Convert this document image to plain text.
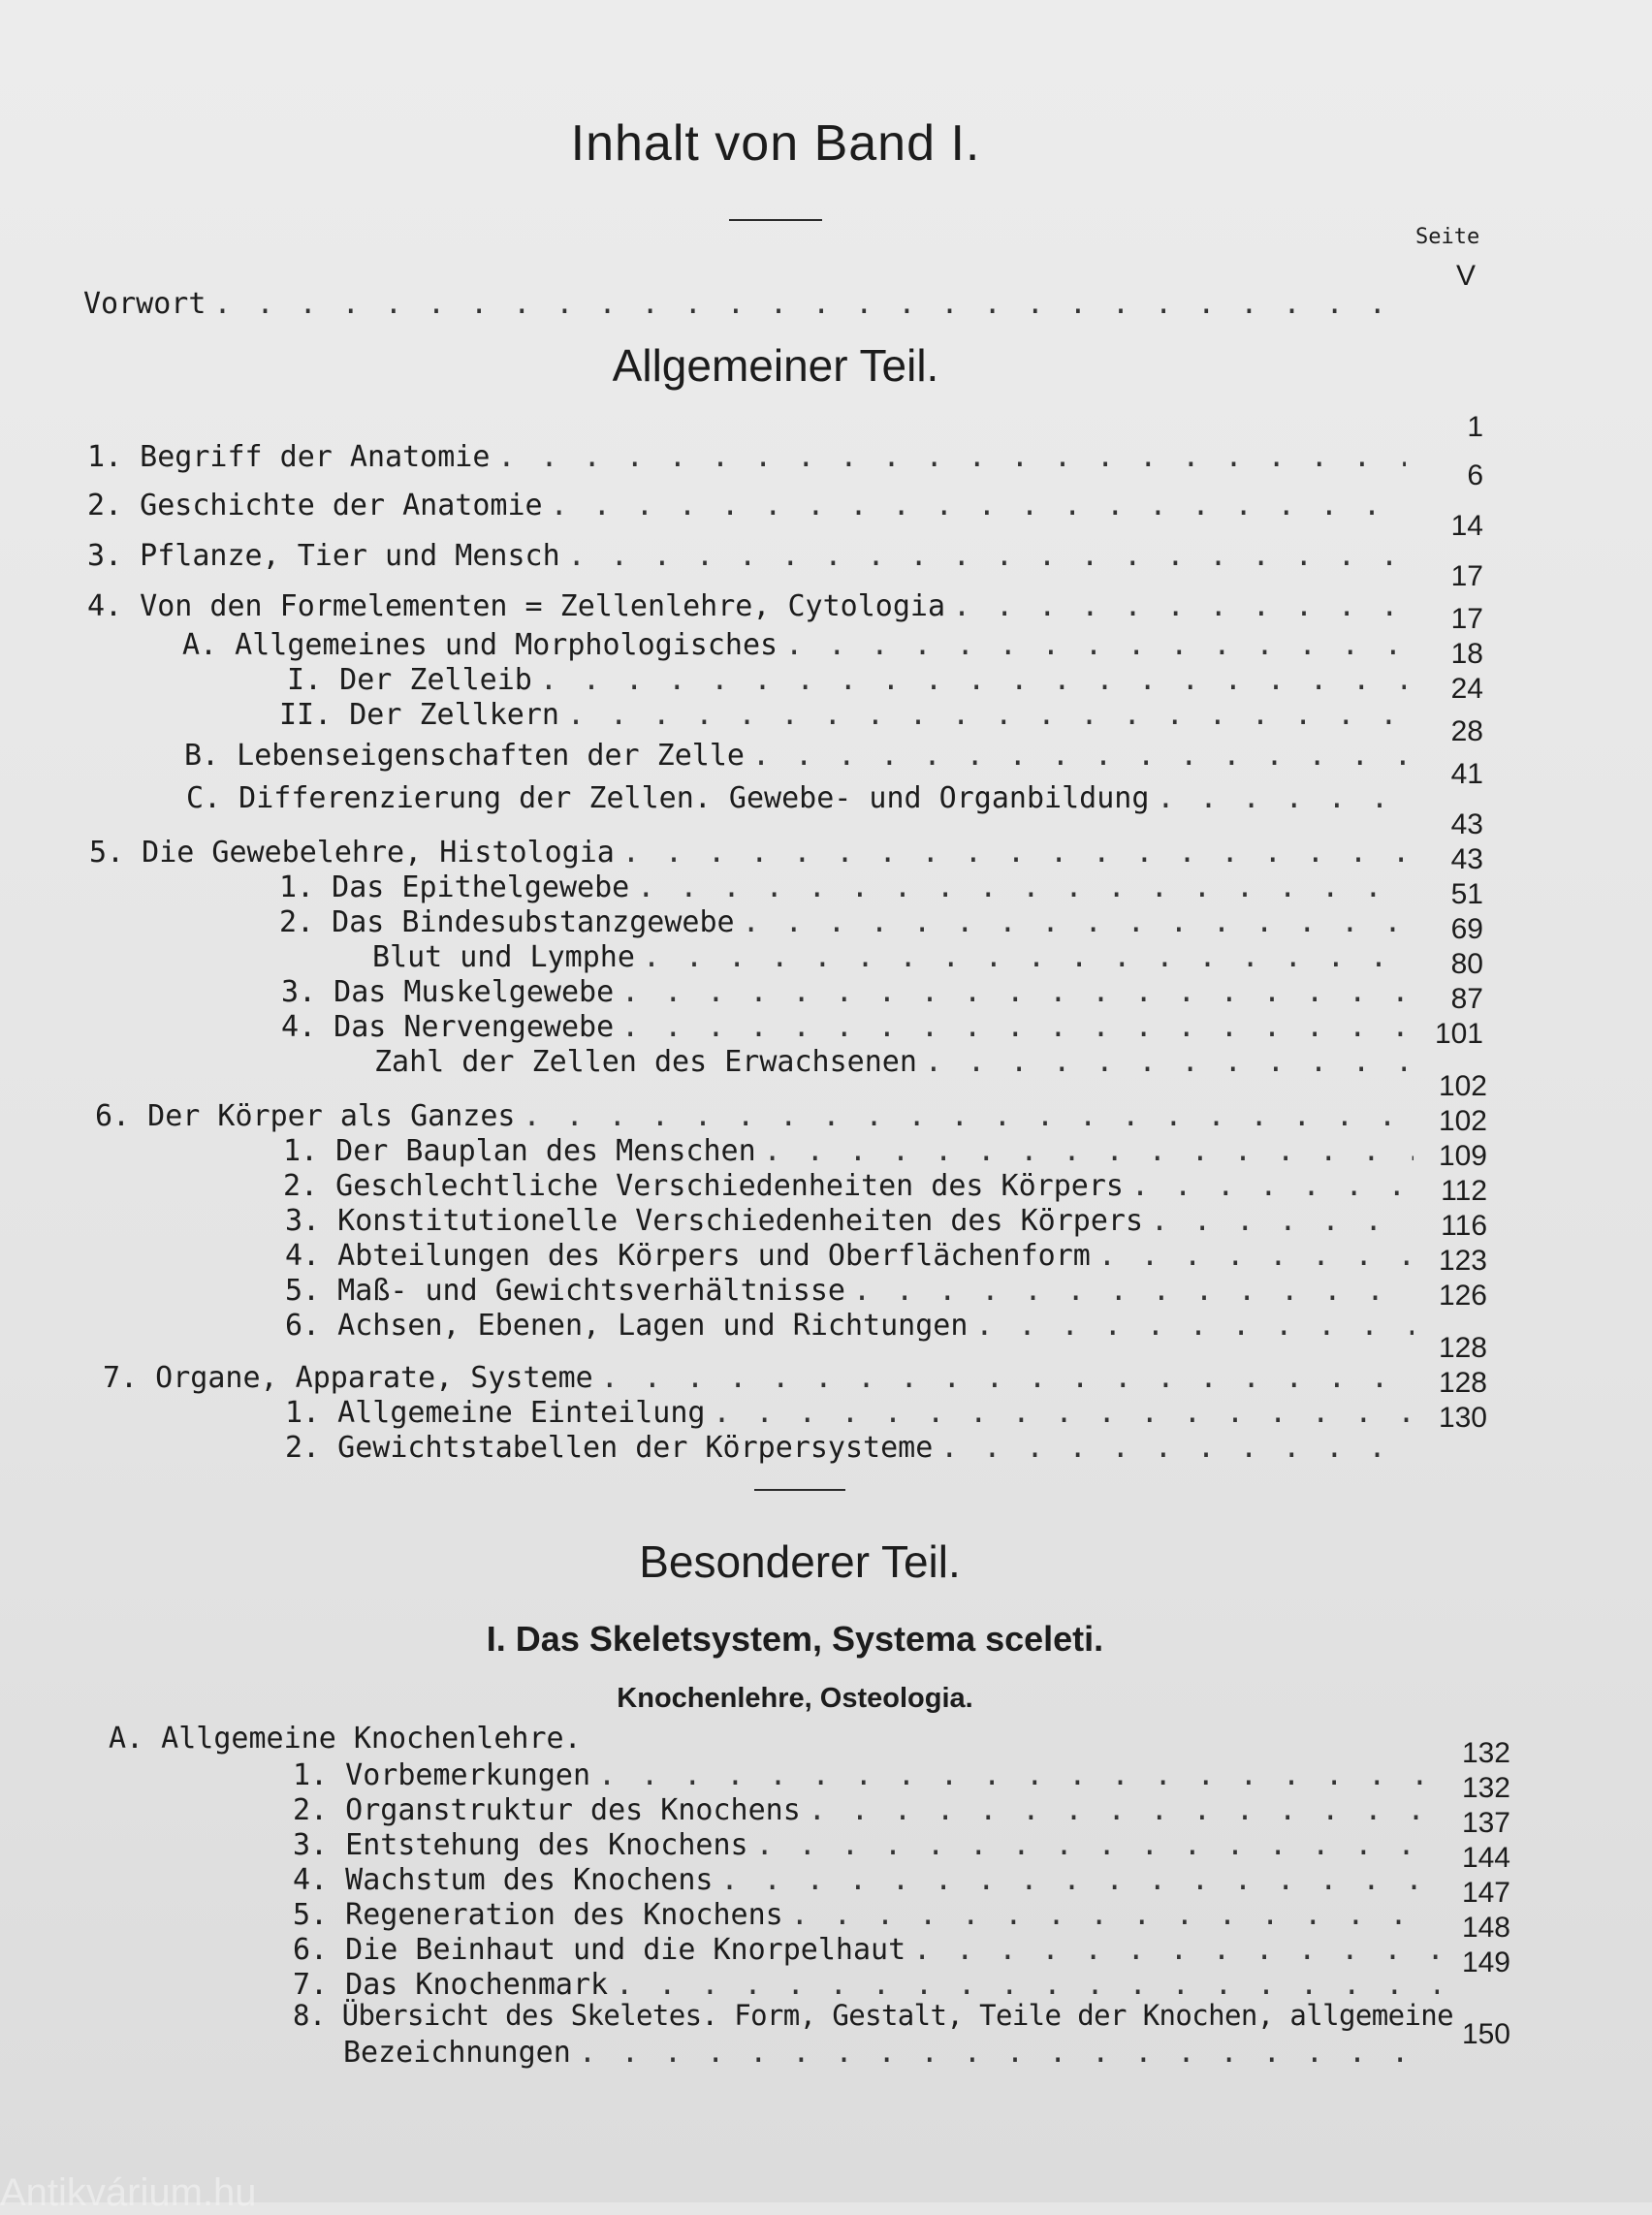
Inhalt von Band I.
Seite
Vorwort
. . .
V
Allgemeiner Teil.
1. Begriff der Anatomie
. . .
1
2. Geschichte der Anatomie
. . .
6
3. Pflanze, Tier und Mensch
. . .
14
4. Von den Formelementen = Zellenlehre, Cytologia
. . .
17
A. Allgemeines und Morphologisches
. . .
17
I. Der Zelleib
. . .
18
II. Der Zellkern
. . .
24
B. Lebenseigenschaften der Zelle
. . .
28
C. Differenzierung der Zellen. Gewebe- und Organbildung
. . .
41
5. Die Gewebelehre, Histologia
. . .
43
1. Das Epithelgewebe
. . .
43
2. Das Bindesubstanzgewebe
. . .
51
Blut und Lymphe
. . .
69
3. Das Muskelgewebe
. . .
80
4. Das Nervengewebe
. . .
87
Zahl der Zellen des Erwachsenen
. . .
101
6. Der Körper als Ganzes
. . .
102
1. Der Bauplan des Menschen
. . .
102
2. Geschlechtliche Verschiedenheiten des Körpers
. . .
109
3. Konstitutionelle Verschiedenheiten des Körpers
. . .
112
4. Abteilungen des Körpers und Oberflächenform
. . .
116
5. Maß- und Gewichtsverhältnisse
. . .
123
6. Achsen, Ebenen, Lagen und Richtungen
. . .
126
7. Organe, Apparate, Systeme
. . .
128
1. Allgemeine Einteilung
. . .
128
2. Gewichtstabellen der Körpersysteme
. . .
130
Besonderer Teil.
I. Das Skeletsystem, Systema sceleti.
Knochenlehre, Osteologia.
A. Allgemeine Knochenlehre.
1. Vorbemerkungen
. . .
132
2. Organstruktur des Knochens
. . .
132
3. Entstehung des Knochens
. . .
137
4. Wachstum des Knochens
. . .
144
5. Regeneration des Knochens
. . .
147
6. Die Beinhaut und die Knorpelhaut
. . .
148
7. Das Knochenmark
. . .
149
8. Übersicht des Skeletes. Form, Gestalt, Teile der Knochen, allgemeine
Bezeichnungen
. . .
150
Antikvárium.hu
